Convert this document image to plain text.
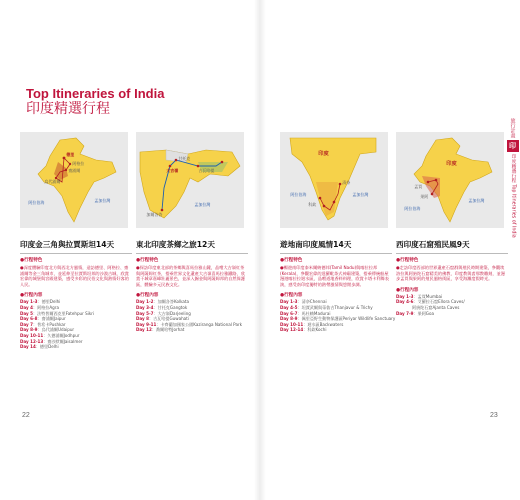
Top Itineraries of India
印度精選行程
德里
阿格拉
齋浦爾
烏代浦爾
孟加拉灣
阿拉伯海
印度金三角與拉賈斯坦14天
●行程特色
●深度體驗印度北方與西北方風情，造訪德里、阿格拉、齋浦爾等金三角城市，並延伸至拉賈斯坦邦的沙漠古城，欣賞宏偉的城堡與宮殿建築，感受多彩的民俗文化與熱情好客的人民。
●行程內容
Day 1-3：德里Delhi
Day 4：阿格拉Agra
Day 5：法特普爾西克里Fatehpur Sikri
Day 6-8：齋浦爾Jaipur
Day 7：普希卡Pushkar
Day 8-9：烏代浦爾Udaipur
Day 10-11：久德浦爾Jodhpur
Day 12-13：齋沙默爾Jaisalmer
Day 14：德里Delhi
大吉嶺
甘托克
古瓦哈提
加爾各答
孟加拉灣
東北印度茶鄉之旅12天
●行程特色
●探訪印度東北部的茶鄉與喜馬拉雅山麓，品嚐大吉嶺紅茶與阿薩姆紅茶，搭乘世界文化遺產大吉嶺喜馬拉雅鐵路，欣賞干城章嘉峰壯麗景色，並深入錫金與阿薩姆邦的自然保護區，體驗多元民族文化。
●行程內容
Day 1-2：加爾各答Kolkata
Day 3-4：甘托克Gangtok
Day 5-7：大吉嶺Darjeeling
Day 8：古瓦哈提Guwahati
Day 9-11：卡齊蘭加國家公園Kaziranga National Park
Day 12：喬爾哈特Jorhat
印度
阿拉伯海	孟加拉灣
清奈
科欽
遊地南印度風情14天
●行程特色
●暢遊南印度泰米爾納德邦(Tamil Nadu)與喀拉拉邦(Kerala)，參觀宏偉的達羅毗荼式神廟建築，搭乘傳統船屋漫遊喀拉拉迴水區，品嚐道地香料料理，欣賞卡塔卡利舞表演，感受南印度獨特的熱帶風情與悠閒步調。
●行程內容
Day 1-3：清奈Chennai
Day 4-5：坦賈武爾與蒂魯吉Thanjavur & Trichy
Day 6-7：馬杜賴Madurai
Day 8-9：佩里亞野生動物保護區Periyar Wildlife Sanctuary
Day 10-11：迴水區Backwaters
Day 12-14：科欽Kochi
印度
孟買
果阿
阿拉伯海
孟加拉灣
西印度石窟殖民風9天
●行程特色
●走訪印度西部的世界遺產石窟群與殖民時期建築，參觀埃洛拉與阿旃陀石窟精美的佛教、印度教與耆那教雕刻，並漫步孟買與果阿的殖民風格街區，享受海灘度假時光。
●行程內容
Day 1-3：孟買Mumbai
Day 4-6：艾羅拉石窟Ellora Caves/
阿旃陀石窟Ajanta Caves
Day 7-9：果阿Goa
22	23
旅行計畫
印
印度精選行程 Top Itineraries of India
